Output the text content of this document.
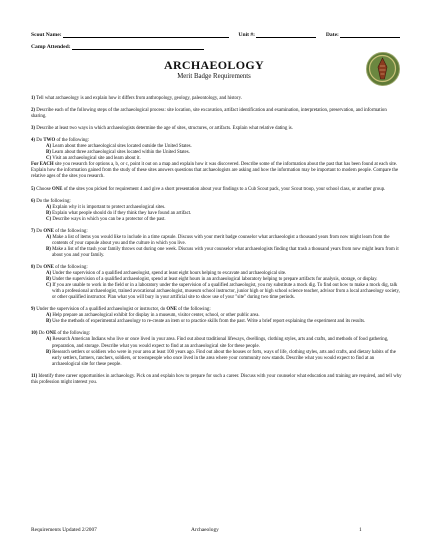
Scout Name:	Unit #:	Date:
Camp Attended:
ARCHAEOLOGY
Merit Badge Requirements
1) Tell what archaeology is and explain how it differs from anthropology, geology, paleontology, and history.
2) Describe each of the following steps of the archaeological process: site location, site excavation, artifact identification and examination, interpretation, preservation, and information sharing.
3) Describe at least two ways in which archaeologists determine the age of sites, structures, or artifacts. Explain what relative dating is.
4) Do TWO of the following:
A) Learn about three archaeological sites located outside the United States.
B) Learn about three archaeological sites located within the United States.
C) Visit an archaeological site and learn about it.
For EACH site you research for options a, b, or c, point it out on a map and explain how it was discovered. Describe some of the information about the past that has been found at each site. Explain how the information gained from the study of these sites answers questions that archaeologists are asking and how the information may be important to modern people. Compare the relative ages of the sites you research.
5) Choose ONE of the sites you picked for requirement 4 and give a short presentation about your findings to a Cub Scout pack, your Scout troop, your school class, or another group.
6) Do the following:
A) Explain why it is important to protect archaeological sites.
B) Explain what people should do if they think they have found an artifact.
C) Describe ways in which you can be a protector of the past.
7) Do ONE of the following:
A) Make a list of items you would like to include in a time capsule. Discuss with your merit badge counselor what archaeologist a thousand years from now might learn from the contents of your capsule about you and the culture in which you live.
B) Make a list of the trash your family throws out during one week. Discuss with your counselor what archaeologists finding that trash a thousand years from now might learn from it about you and your family.
8) Do ONE of the following:
A) Under the supervision of a qualified archaeologist, spend at least eight hours helping to excavate and archaeological site.
B) Under the supervision of a qualified archaeologist, spend at least eight hours in an archaeological laboratory helping to prepare artifacts for analysis, storage, or display.
C) If you are unable to work in the field or in a laboratory under the supervision of a qualified archaeologist, you my substitute a mock dig. To find out how to make a mock dig, talk with a professional archaeologist, trained avocational archaeologist, museum school instructor, junior high or high school science teacher, advisor from a local archaeology society, or other qualified instructor. Plan what you will bury in your artificial site to show use of your "site" during two time periods.
9) Under the supervision of a qualified archaeologist or instructor, do ONE of the following:
A) Help prepare an archaeological exhibit for display in a museum, visitor center, school, or other public area.
B) Use the methods of experimental archaeology to re-create an item or to practice skills from the past. Write a brief report explaining the experiment and its results.
10) Do ONE of the following:
A) Research American Indians who live or once lived in your area. Find out about traditional lifeways, dwellings, clothing styles, arts and crafts, and methods of food gathering, preparation, and storage. Describe what you would expect to find at an archaeological site for these people.
B) Research settlers or soldiers who were in your area at least 100 years ago. Find out about the houses or forts, ways of life, clothing styles, arts and crafts, and dietary habits of the early settlers, farmers, ranchers, soldiers, or townspeople who once lived in the area where your community now stands. Describe what you would expect to find at an archaeological site for these people.
11) Identify three career opportunities in archaeology. Pick on and explain how to prepare for such a career. Discuss with your counselor what education and training are required, and tell why this profession might interest you.
Requirements Updated 2/2007	Archaeology	1
